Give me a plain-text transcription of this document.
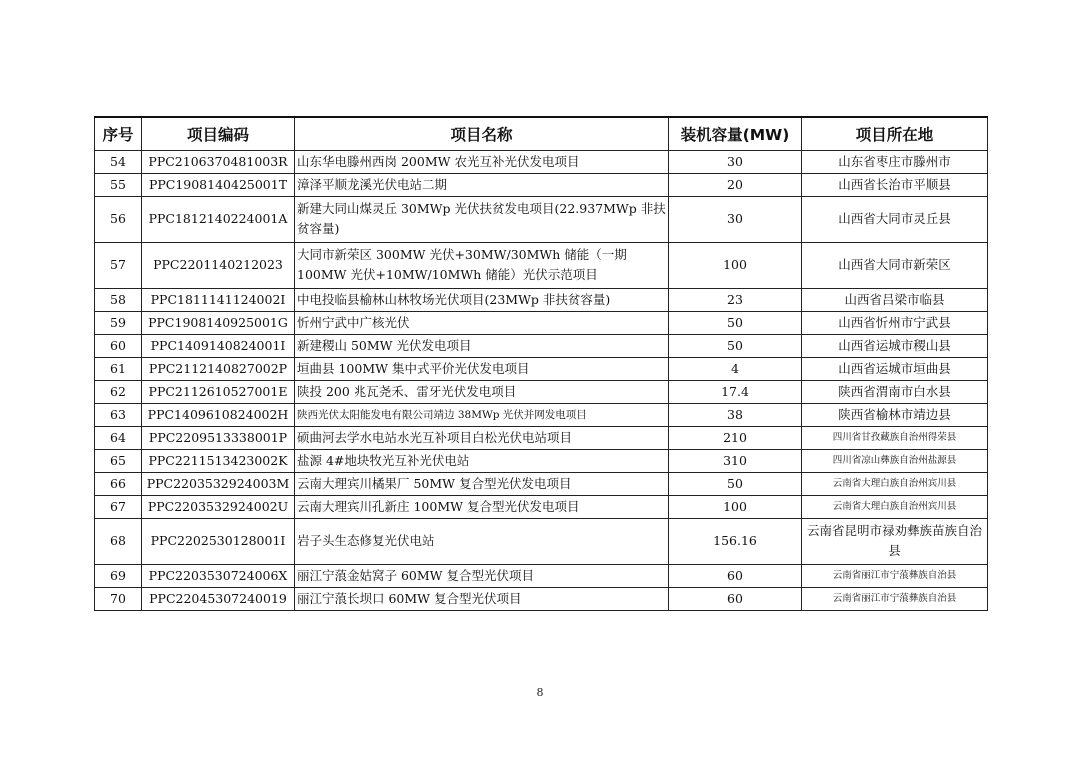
序号	项目编码	项目名称	装机容量(MW)	项目所在地
54	PPC2106370481003R	山东华电滕州西岗 200MW 农光互补光伏发电项目	30	山东省枣庄市滕州市
55	PPC1908140425001T	漳泽平顺龙溪光伏电站二期	20	山西省长治市平顺县
56	PPC1812140224001A	新建大同山煤灵丘 30MWp 光伏扶贫发电项目(22.937MWp 非扶贫容量)	30	山西省大同市灵丘县
57	PPC2201140212023	大同市新荣区 300MW 光伏+30MW/30MWh 储能（一期 100MW 光伏+10MW/10MWh 储能）光伏示范项目	100	山西省大同市新荣区
58	PPC1811141124002I	中电投临县榆林山林牧场光伏项目(23MWp 非扶贫容量)	23	山西省吕梁市临县
59	PPC1908140925001G	忻州宁武中广核光伏	50	山西省忻州市宁武县
60	PPC1409140824001I	新建稷山 50MW 光伏发电项目	50	山西省运城市稷山县
61	PPC2112140827002P	垣曲县 100MW 集中式平价光伏发电项目	4	山西省运城市垣曲县
62	PPC2112610527001E	陕投 200 兆瓦尧禾、雷牙光伏发电项目	17.4	陕西省渭南市白水县
63	PPC1409610824002H	陕西光伏太阳能发电有限公司靖边 38MWp 光伏并网发电项目	38	陕西省榆林市靖边县
64	PPC2209513338001P	硕曲河去学水电站水光互补项目白松光伏电站项目	210	四川省甘孜藏族自治州得荣县
65	PPC2211513423002K	盐源 4#地块牧光互补光伏电站	310	四川省凉山彝族自治州盐源县
66	PPC2203532924003M	云南大理宾川橘果厂 50MW 复合型光伏发电项目	50	云南省大理白族自治州宾川县
67	PPC2203532924002U	云南大理宾川孔新庄 100MW 复合型光伏发电项目	100	云南省大理白族自治州宾川县
68	PPC2202530128001I	岩子头生态修复光伏电站	156.16	云南省昆明市禄劝彝族苗族自治县
69	PPC2203530724006X	丽江宁蒗金姑窝子 60MW 复合型光伏项目	60	云南省丽江市宁蒗彝族自治县
70	PPC22045307240019	丽江宁蒗长坝口 60MW 复合型光伏项目	60	云南省丽江市宁蒗彝族自治县
8
